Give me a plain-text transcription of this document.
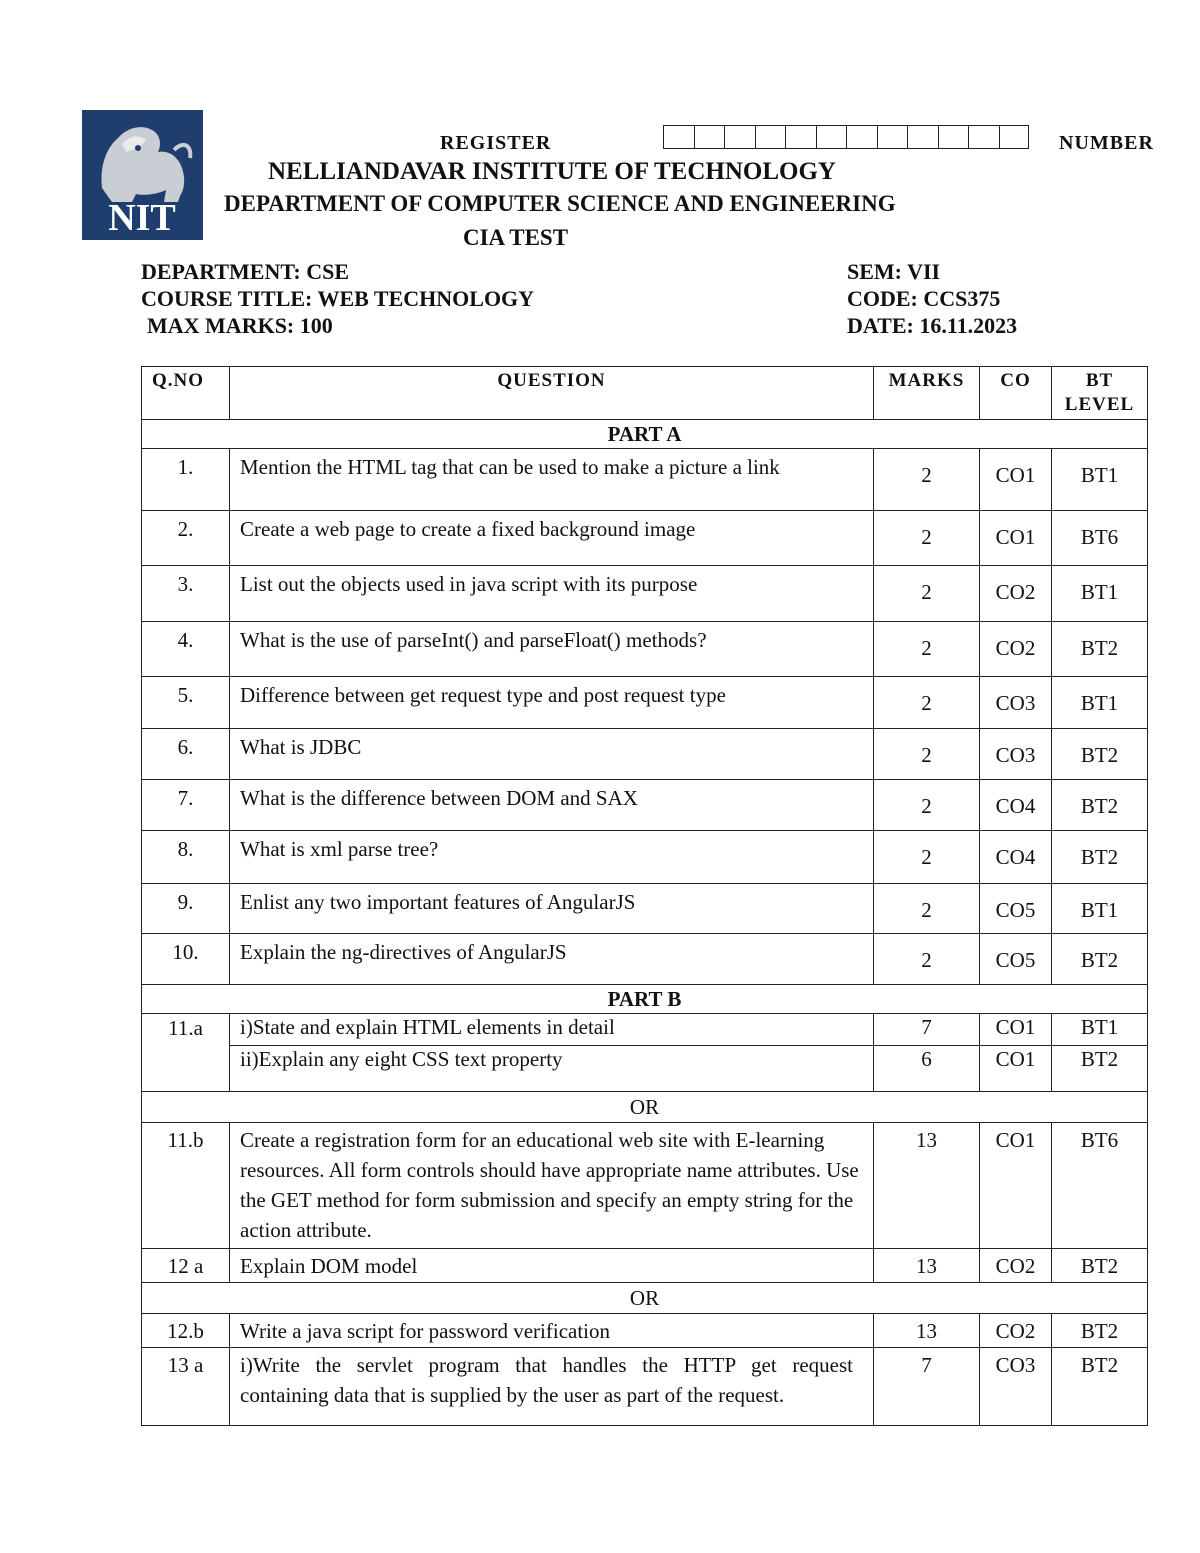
NIT
REGISTER	NUMBER
NELLIANDAVAR INSTITUTE OF TECHNOLOGY
DEPARTMENT OF COMPUTER SCIENCE AND ENGINEERING
CIA TEST
DEPARTMENT: CSE
COURSE TITLE: WEB TECHNOLOGY
MAX MARKS: 100
SEM: VII
CODE: CCS375
DATE: 16.11.2023
Q.NO	QUESTION	MARKS	CO	BT
LEVEL
PART A				
1.	Mention the HTML tag that can be used to make a picture a link	2	CO1	BT1
2.	Create a web page to create a fixed background image	2	CO1	BT6
3.	List out the objects used in java script with its purpose	2	CO2	BT1
4.	What is the use of parseInt() and parseFloat() methods?	2	CO2	BT2
5.	Difference between get request type and post request type	2	CO3	BT1
6.	What is JDBC	2	CO3	BT2
7.	What is the difference between DOM and SAX	2	CO4	BT2
8.	What is xml parse tree?	2	CO4	BT2
9.	Enlist any two important features of AngularJS	2	CO5	BT1
10.	Explain the ng-directives of AngularJS	2	CO5	BT2
PART B				
11.a	i)State and explain HTML elements in detail	7	CO1	BT1
	ii)Explain any eight CSS text property	6	CO1	BT2
OR				
11.b	Create a registration form for an educational web site with E-learning resources. All form controls should have appropriate name attributes. Use the GET method for form submission and specify an empty string for the action attribute.	13	CO1	BT6
12 a	Explain DOM model	13	CO2	BT2
OR				
12.b	Write a java script for password verification	13	CO2	BT2
13 a	i)Write the servlet program that handles the HTTP get request containing data that is supplied by the user as part of the request.	7	CO3	BT2
